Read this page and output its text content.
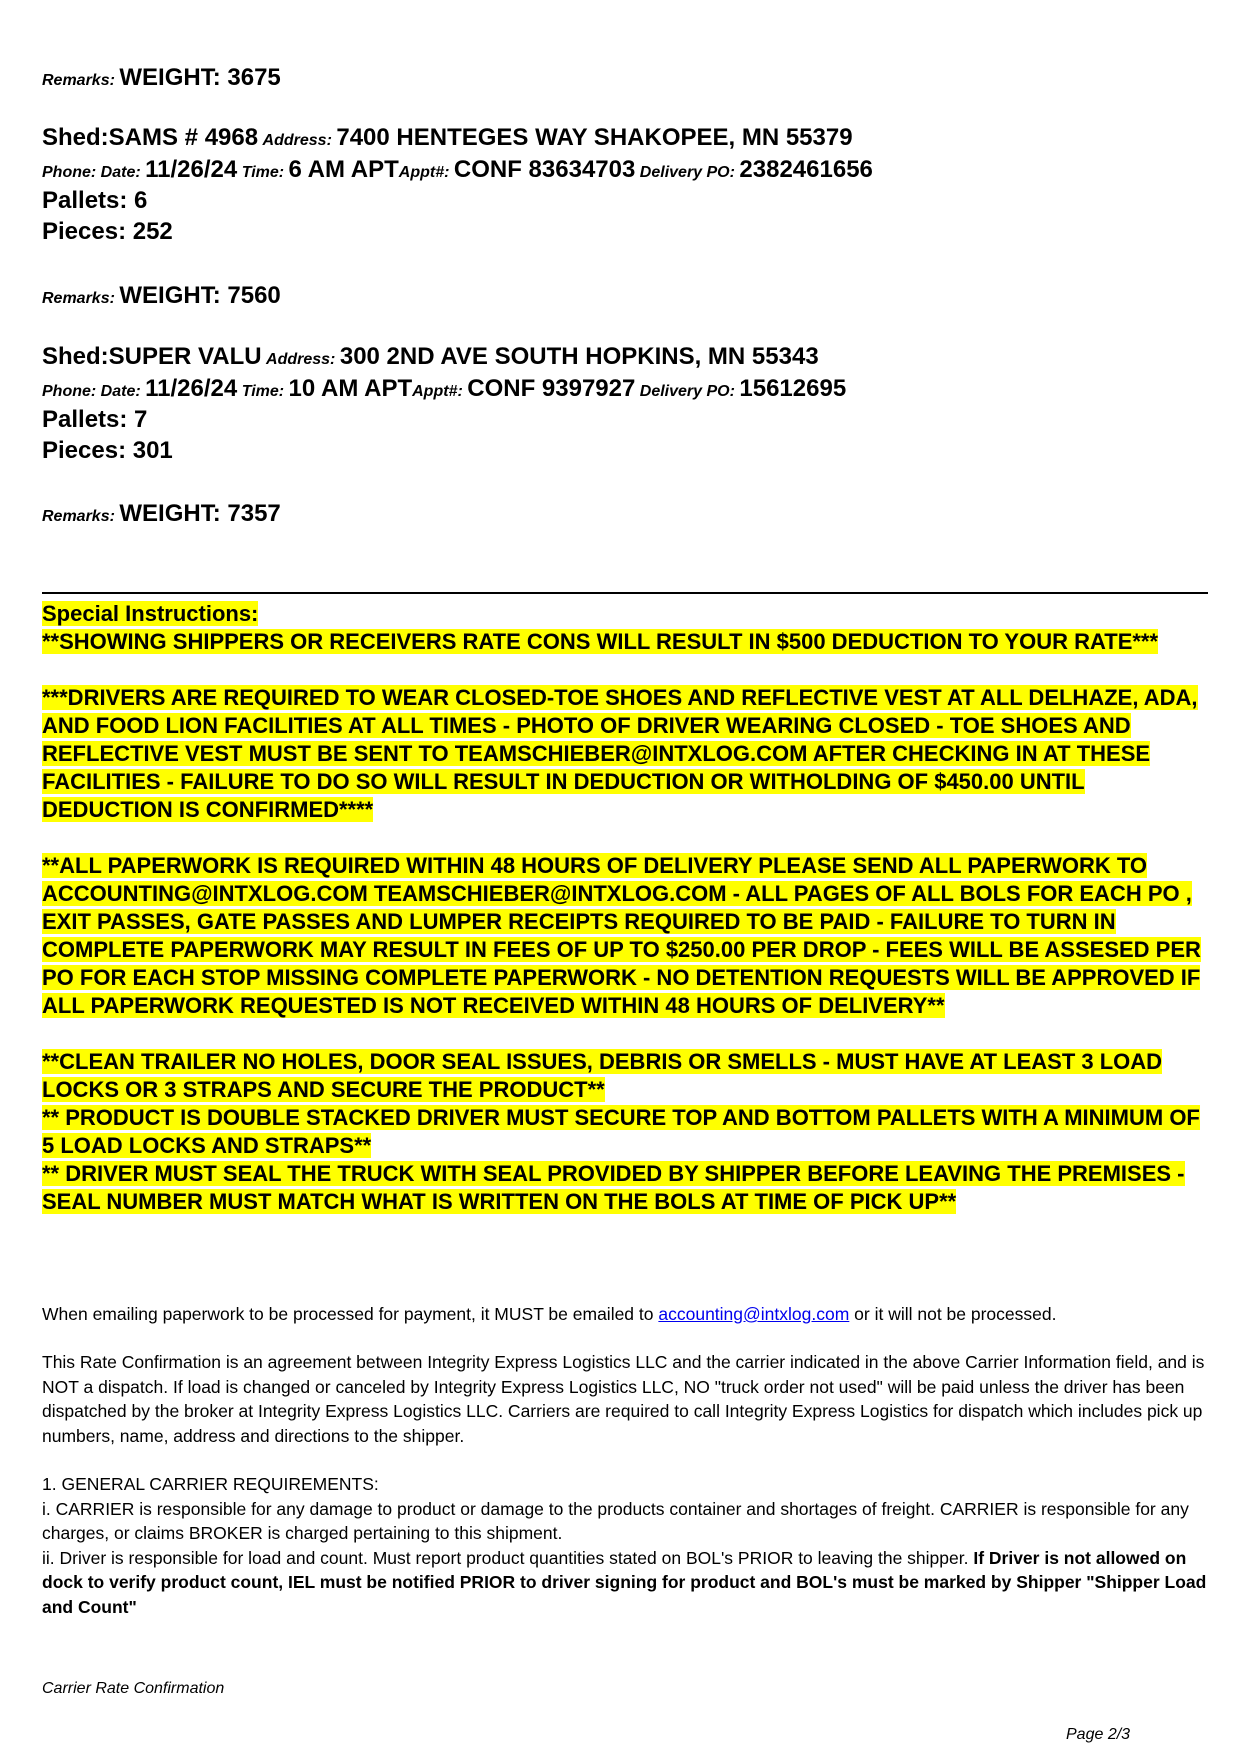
Remarks: WEIGHT: 3675
Shed:SAMS # 4968 Address: 7400 HENTEGES WAY SHAKOPEE, MN 55379
Phone: Date: 11/26/24 Time: 6 AM APTAppt#: CONF 83634703 Delivery PO: 2382461656
Pallets: 6
Pieces: 252
Remarks: WEIGHT: 7560
Shed:SUPER VALU Address: 300 2ND AVE SOUTH HOPKINS, MN 55343
Phone: Date: 11/26/24 Time: 10 AM APTAppt#: CONF 9397927 Delivery PO: 15612695
Pallets: 7
Pieces: 301
Remarks: WEIGHT: 7357

Special Instructions:

**SHOWING SHIPPERS OR RECEIVERS RATE CONS WILL RESULT IN $500 DEDUCTION TO YOUR RATE***

***DRIVERS ARE REQUIRED TO WEAR CLOSED-TOE SHOES AND REFLECTIVE VEST AT ALL DELHAZE, ADA, AND FOOD LION FACILITIES AT ALL TIMES - PHOTO OF DRIVER WEARING CLOSED - TOE SHOES AND REFLECTIVE VEST MUST BE SENT TO TEAMSCHIEBER@INTXLOG.COM AFTER CHECKING IN AT THESE FACILITIES - FAILURE TO DO SO WILL RESULT IN DEDUCTION OR WITHOLDING OF $450.00 UNTIL DEDUCTION IS CONFIRMED****

**ALL PAPERWORK IS REQUIRED WITHIN 48 HOURS OF DELIVERY PLEASE SEND ALL PAPERWORK TO ACCOUNTING@INTXLOG.COM TEAMSCHIEBER@INTXLOG.COM - ALL PAGES OF ALL BOLS FOR EACH PO , EXIT PASSES, GATE PASSES AND LUMPER RECEIPTS REQUIRED TO BE PAID - FAILURE TO TURN IN COMPLETE PAPERWORK MAY RESULT IN FEES OF UP TO $250.00 PER DROP - FEES WILL BE ASSESED PER PO FOR EACH STOP MISSING COMPLETE PAPERWORK - NO DETENTION REQUESTS WILL BE APPROVED IF ALL PAPERWORK REQUESTED IS NOT RECEIVED WITHIN 48 HOURS OF DELIVERY**

**CLEAN TRAILER NO HOLES, DOOR SEAL ISSUES, DEBRIS OR SMELLS - MUST HAVE AT LEAST 3 LOAD LOCKS OR 3 STRAPS AND SECURE THE PRODUCT**

** PRODUCT IS DOUBLE STACKED DRIVER MUST SECURE TOP AND BOTTOM PALLETS WITH A MINIMUM OF 5 LOAD LOCKS AND STRAPS**

** DRIVER MUST SEAL THE TRUCK WITH SEAL PROVIDED BY SHIPPER BEFORE LEAVING THE PREMISES - SEAL NUMBER MUST MATCH WHAT IS WRITTEN ON THE BOLS AT TIME OF PICK UP**

When emailing paperwork to be processed for payment, it MUST be emailed to accounting@intxlog.com or it will not be processed.
This Rate Confirmation is an agreement between Integrity Express Logistics LLC and the carrier indicated in the above Carrier Information field, and is NOT a dispatch. If load is changed or canceled by Integrity Express Logistics LLC, NO "truck order not used" will be paid unless the driver has been dispatched by the broker at Integrity Express Logistics LLC. Carriers are required to call Integrity Express Logistics for dispatch which includes pick up numbers, name, address and directions to the shipper.
1. GENERAL CARRIER REQUIREMENTS:
i. CARRIER is responsible for any damage to product or damage to the products container and shortages of freight. CARRIER is responsible for any charges, or claims BROKER is charged pertaining to this shipment.
ii. Driver is responsible for load and count. Must report product quantities stated on BOL's PRIOR to leaving the shipper. If Driver is not allowed on dock to verify product count, IEL must be notified PRIOR to driver signing for product and BOL's must be marked by Shipper "Shipper Load and Count"
Carrier Rate Confirmation
Page 2/3
